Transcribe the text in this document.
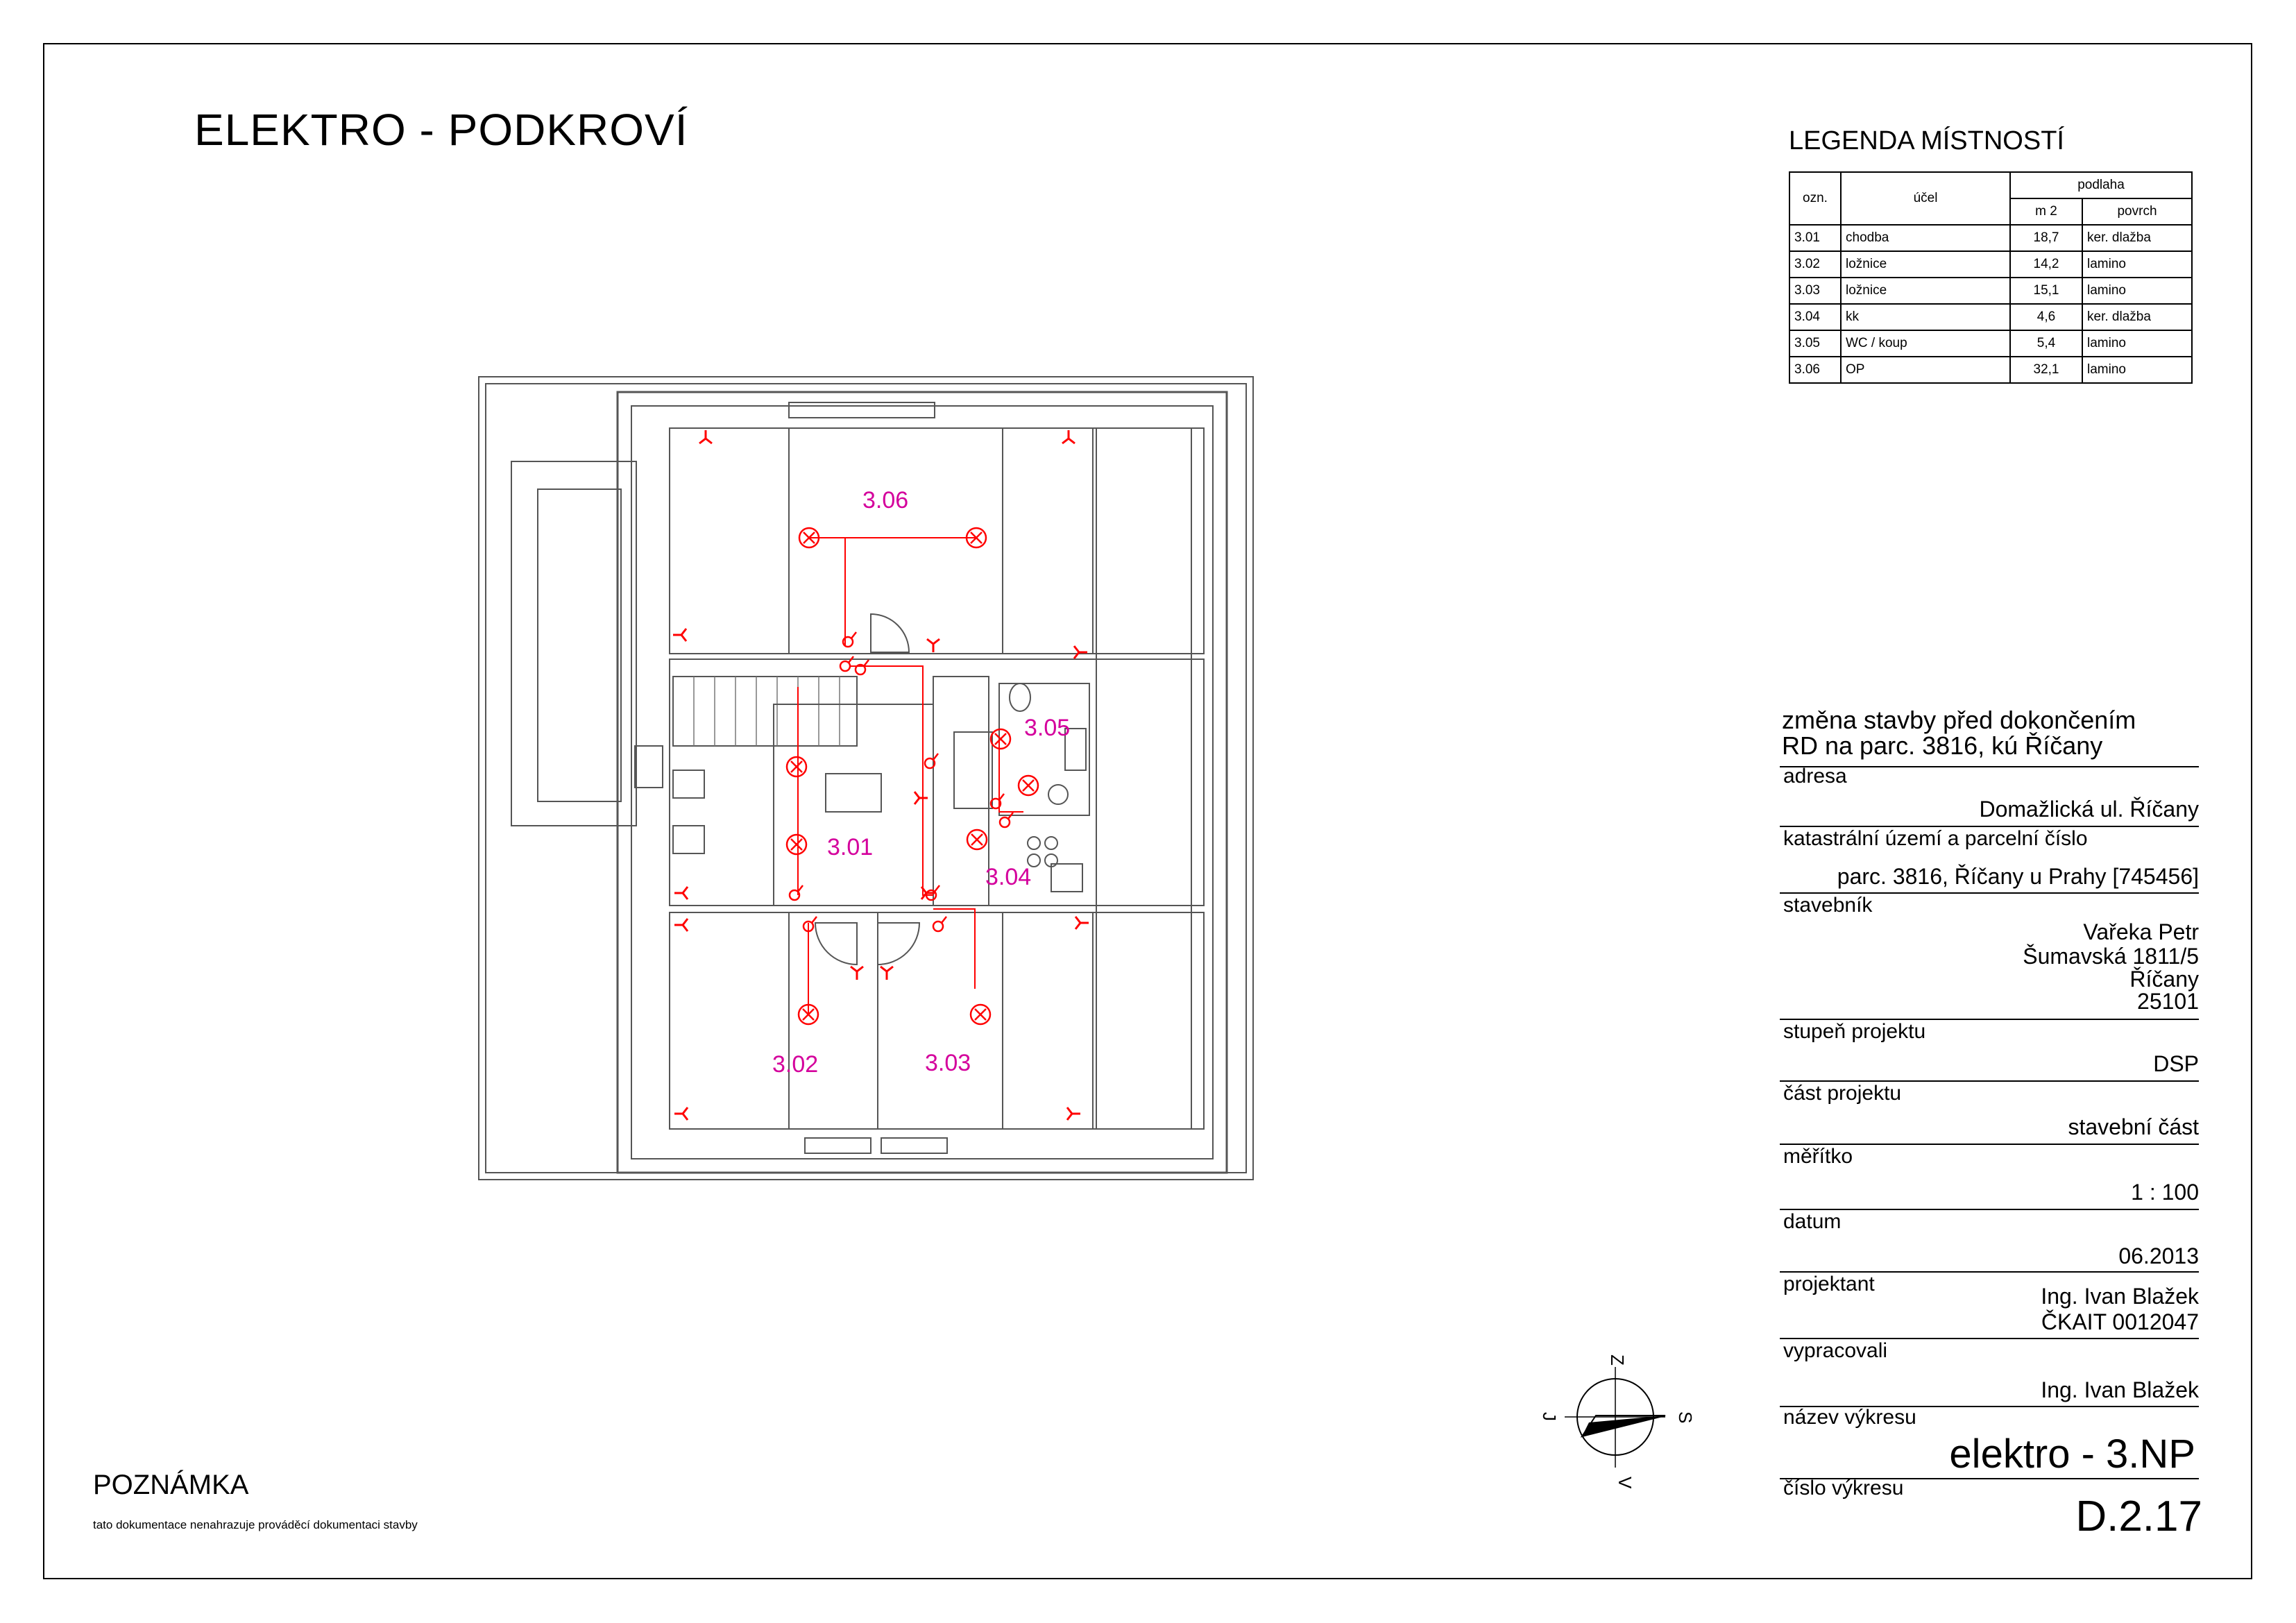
ELEKTRO - PODKROVÍ	LEGENDA MÍSTNOSTÍ
ozn.	účel	podlaha	
		m 2	povrch
3.01	chodba	18,7	ker. dlažba
3.02	ložnice	14,2	lamino
3.03	ložnice	15,1	lamino
3.04	kk	4,6	ker. dlažba
3.05	WC / koup	5,4	lamino
3.06	OP	32,1	lamino
3.06
3.01
3.05
3.04
3.02	3.03
Z
S
J
V
změna stavby před dokončením
RD na parc. 3816, kú Říčany
adresa
Domažlická ul. Říčany
katastrální území a parcelní číslo
parc. 3816, Říčany u Prahy [745456]
stavebník
Vařeka Petr
Šumavská 1811/5
Říčany
25101
stupeň projektu
DSP
část projektu
stavební část
měřítko
1 : 100
datum
06.2013
projektant	Ing. Ivan Blažek
ČKAIT 0012047
vypracovali
Ing. Ivan Blažek
název výkresu
elektro - 3.NP
číslo výkresu
D.2.17
POZNÁMKA
tato dokumentace nenahrazuje prováděcí dokumentaci stavby
